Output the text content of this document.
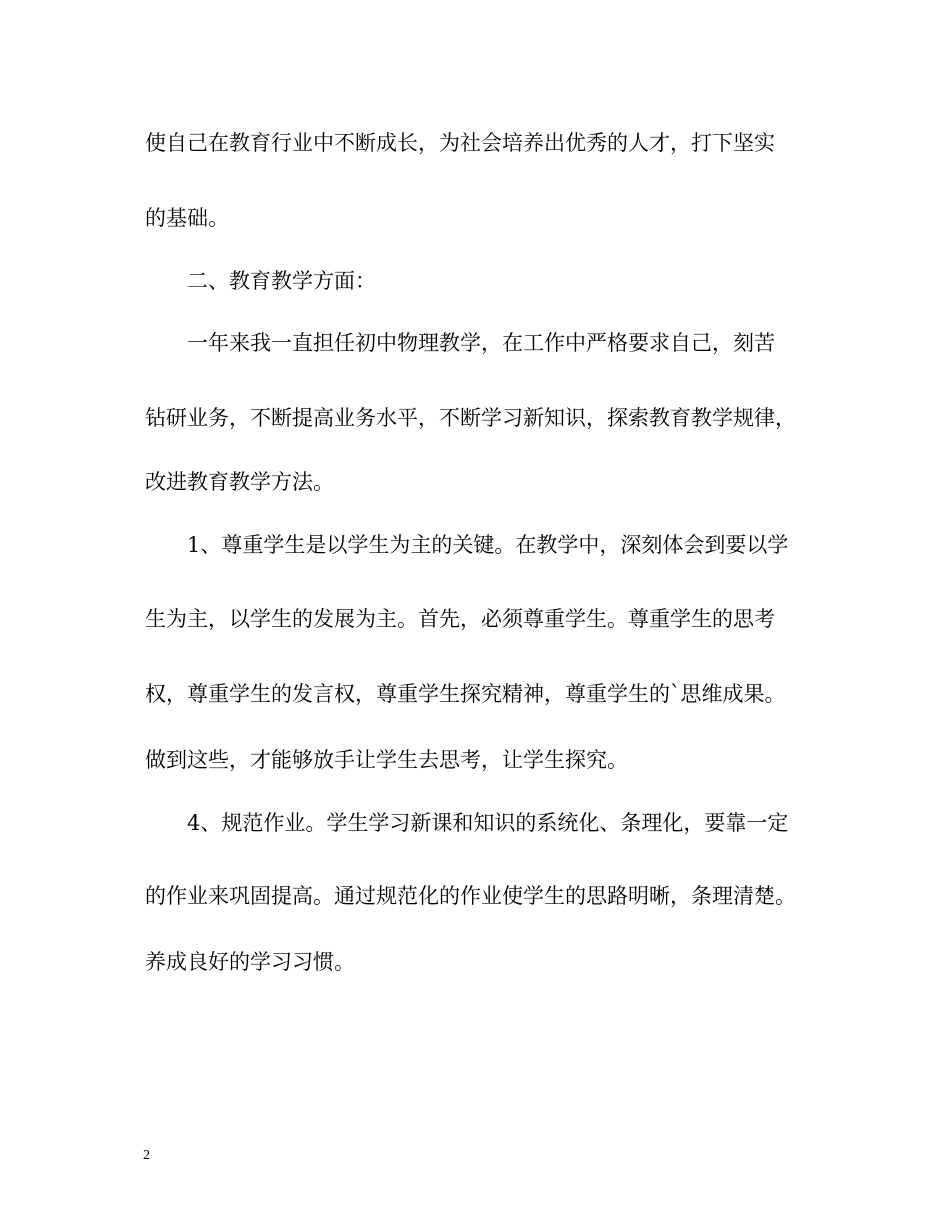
使自己在教育行业中不断成长，为社会培养出优秀的人才，打下坚实
的基础。
二、教育教学方面：
一年来我一直担任初中物理教学，在工作中严格要求自己，刻苦
钻研业务，不断提高业务水平，不断学习新知识，探索教育教学规律，
改进教育教学方法。
1、尊重学生是以学生为主的关键。在教学中，深刻体会到要以学
生为主，以学生的发展为主。首先，必须尊重学生。尊重学生的思考
权，尊重学生的发言权，尊重学生探究精神，尊重学生的`思维成果。
做到这些，才能够放手让学生去思考，让学生探究。
4、规范作业。学生学习新课和知识的系统化、条理化，要靠一定
的作业来巩固提高。通过规范化的作业使学生的思路明晰，条理清楚。
养成良好的学习习惯。
2
